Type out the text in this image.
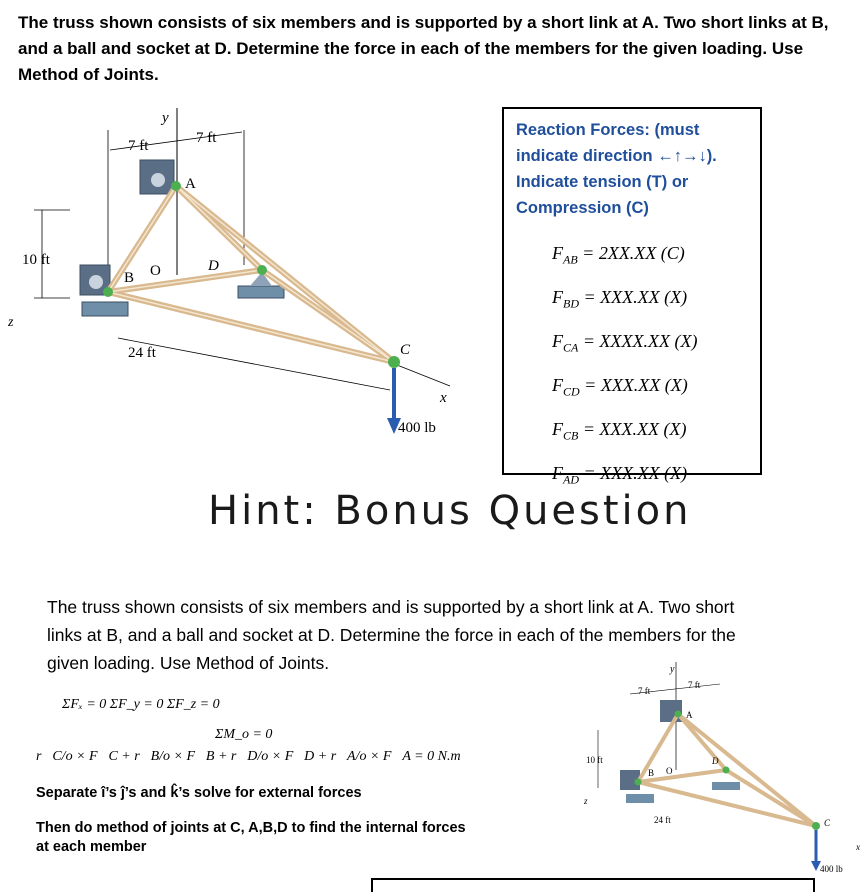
The truss shown consists of six members and is supported by a short link at A. Two short links at B, and a ball and socket at D. Determine the force in each of the members for the given loading. Use Method of Joints.
y
7 ft	7 ft
10 ft
z
24 ft
x
A
B O	D
C
400 lb
Reaction Forces: (must
indicate direction ←↑→↓).
Indicate tension (T) or
Compression (C)
$F_{AB} = 2XX.XX$ (C)
$F_{BD} = XXX.XX$ (X)
$F_{CA}$ = XXXX.XX (X)
$F_{CD} = XXX.XX$ (X)
$F_{CB} = XXX.XX$ (X)
$F_{AD} = XXX.XX$ (X)
Hint: Bonus Question
The truss shown consists of six members and is supported by a short link at A. Two short links at B, and a ball and socket at D. Determine the force in each of the members for the given loading. Use Method of Joints.
ΣFₓ = 0 ΣF_y = 0 ΣF_z = 0
ΣM_o = 0
r⃗C/o × F⃗C + r⃗B/o × F⃗B + r⃗D/o × F⃗D + r⃗A/o × F⃗A = 0 N.m
Separate î’s ĵ’s and k̂’s solve for external forces
Then do method of joints at C, A,B,D to find the internal forces
at each member
y
7 ft
7 ft
10 ft
z
24 ft
x
A
B O
D
C
400 lb
